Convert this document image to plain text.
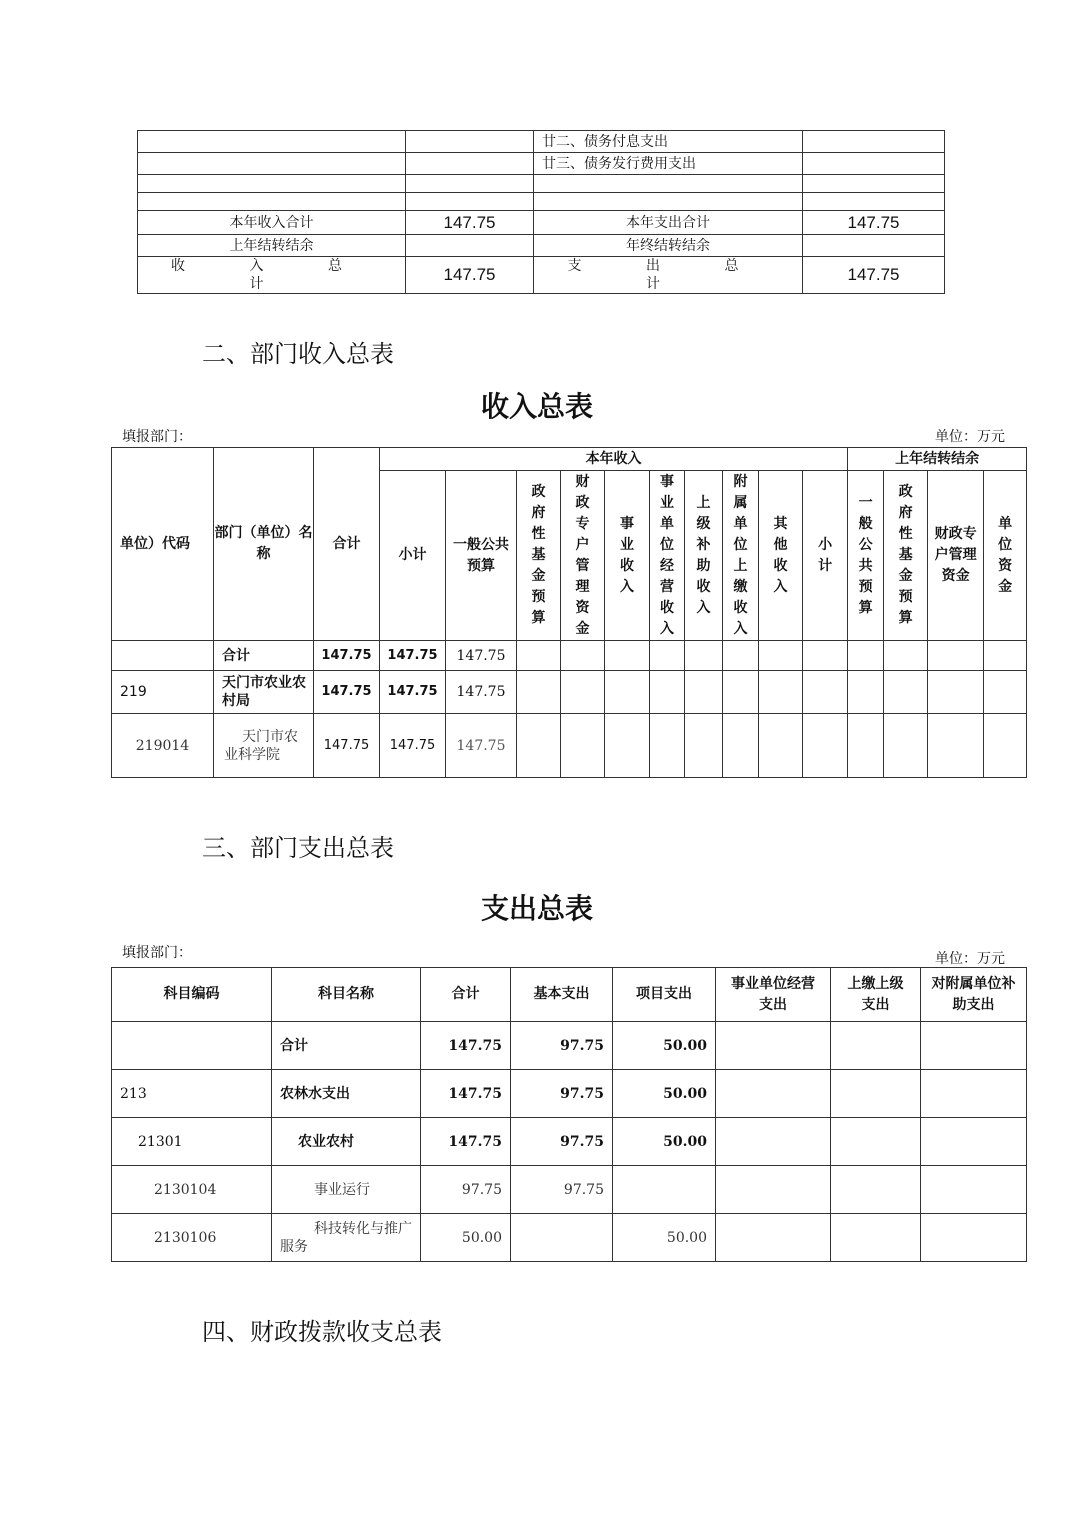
		廿二、债务付息支出	
		廿三、债务发行费用支出	

本年收入合计	147.75	本年支出合计	147.75
上年结转结余		年终结转结余	
收 入 总 计	147.75	支 出 总 计	147.75
二、部门收入总表
收入总表
填报部门：	单位：万元
单位）代码	部门（单位）名称	合计	本年收入										上年结转结余			
			小计	一般公共预算	政府性基金预算	财政专户管理资金	事业收入	事业单位经营收入	上级补助收入	附属单位上缴收入	其他收入	小计	一般公共预算	政府性基金预算	财政专户管理资金	单位资金
	合计	147.75	147.75	147.75												
219	天门市农业农村局	147.75	147.75	147.75												
219014	天门市农业科学院	147.75	147.75	147.75												
三、部门支出总表
支出总表
填报部门：	单位：万元
科目编码	科目名称	合计	基本支出	项目支出	事业单位经营支出	上缴上级支出	对附属单位补助支出
	合计	147.75	97.75	50.00			
213	农林水支出	147.75	97.75	50.00			
21301	农业农村	147.75	97.75	50.00			
2130104	事业运行	97.75	97.75				
2130106	科技转化与推广服务	50.00		50.00			
四、财政拨款收支总表
